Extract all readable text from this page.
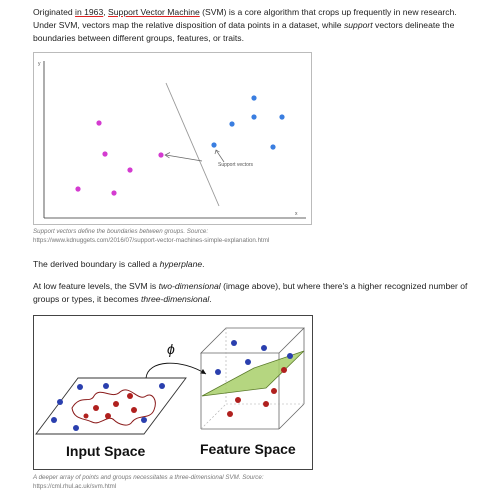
Originated in 1963, Support Vector Machine (SVM) is a core algorithm that crops up frequently in new research.
Under SVM, vectors map the relative disposition of data points in a dataset, while support vectors delineate the
boundaries between different groups, features, or traits.

y
x
Support vectors

Support vectors define the boundaries between groups. Source:
https://www.kdnuggets.com/2016/07/support-vector-machines-simple-explanation.html

The derived boundary is called a hyperplane.

At low feature levels, the SVM is two-dimensional (image above), but where there's a higher recognized number of
groups or types, it becomes three-dimensional.

ϕ
Input Space	Feature Space

A deeper array of points and groups necessitates a three-dimensional SVM. Source:
https://cml.rhul.ac.uk/svm.html
